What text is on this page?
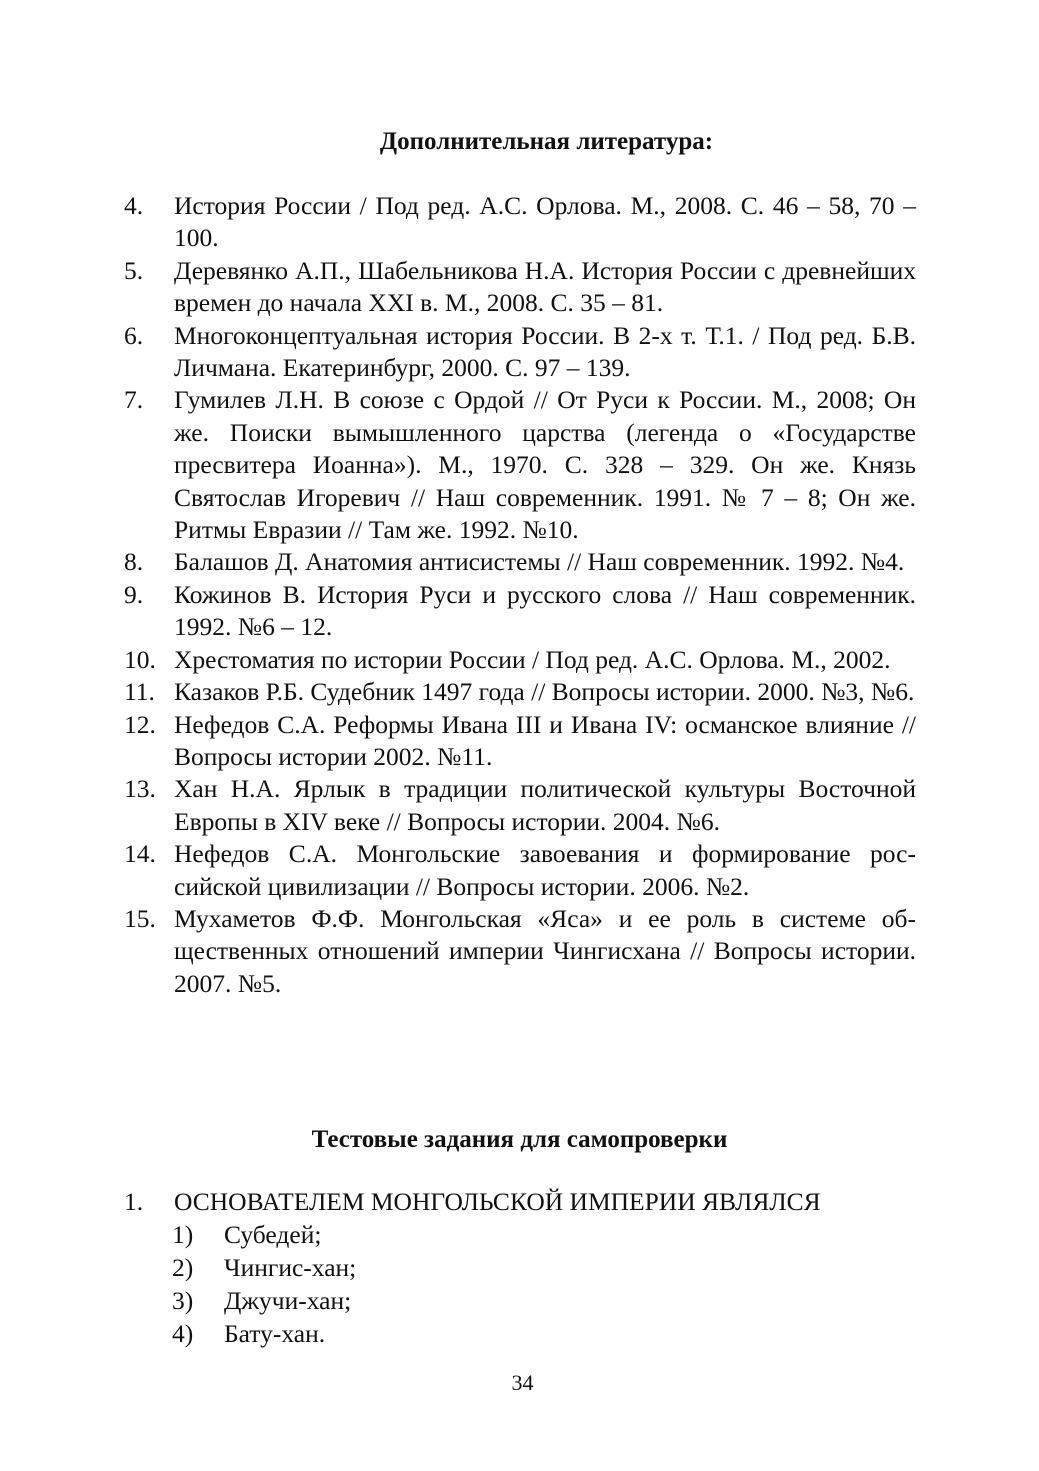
Дополнительная литература:
4. История России / Под ред. А.С. Орлова. М., 2008. С. 46 – 58, 70 – 100.
5. Деревянко А.П., Шабельникова Н.А. История России с древнейших времен до начала XXI в. М., 2008. С. 35 – 81.
6. Многоконцептуальная история России. В 2-х т. Т.1. / Под ред. Б.В. Личмана. Екатеринбург, 2000. С. 97 – 139.
7. Гумилев Л.Н. В союзе с Ордой // От Руси к России. М., 2008; Он же. Поиски вымышленного царства (легенда о «Государстве пресвитера Иоанна»). М., 1970. С. 328 – 329. Он же. Князь Святослав Игоревич // Наш современник. 1991. № 7 – 8; Он же. Ритмы Евразии // Там же. 1992. №10.
8. Балашов Д. Анатомия антисистемы // Наш современник. 1992. №4.
9. Кожинов В. История Руси и русского слова // Наш современник. 1992. №6 – 12.
10. Хрестоматия по истории России / Под ред. А.С. Орлова. М., 2002.
11. Казаков Р.Б. Судебник 1497 года // Вопросы истории. 2000. №3, №6.
12. Нефедов С.А. Реформы Ивана III и Ивана IV: османское влияние // Вопросы истории 2002. №11.
13. Хан Н.А. Ярлык в традиции политической культуры Восточной Европы в XIV веке // Вопросы истории. 2004. №6.
14. Нефедов С.А. Монгольские завоевания и формирование российской цивилизации // Вопросы истории. 2006. №2.
15. Мухаметов Ф.Ф. Монгольская «Яса» и ее роль в системе общественных отношений империи Чингисхана // Вопросы истории. 2007. №5.
Тестовые задания для самопроверки
1.	ОСНОВАТЕЛЕМ МОНГОЛЬСКОЙ ИМПЕРИИ ЯВЛЯЛСЯ
1) Субедей;
2) Чингис-хан;
3) Джучи-хан;
4) Бату-хан.
34
